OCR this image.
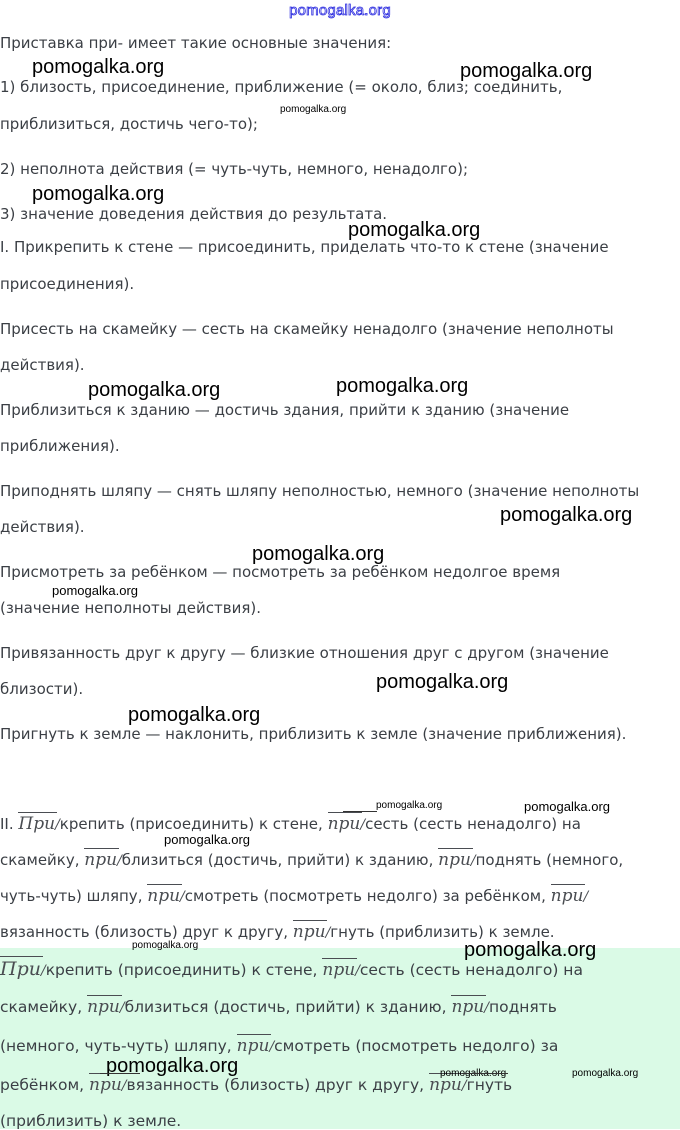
pomogalka.org
Приставка при- имеет такие основные значения:
1) близость, присоединение, приближение (= около, близ; соединить,
приблизиться, достичь чего-то);
2) неполнота действия (= чуть-чуть, немного, ненадолго);
3) значение доведения действия до результата.
I. Прикрепить к стене — присоединить, приделать что-то к стене (значение
присоединения).
Присесть на скамейку — сесть на скамейку ненадолго (значение неполноты
действия).
Приблизиться к зданию — достичь здания, прийти к зданию (значение
приближения).
Приподнять шляпу — снять шляпу неполностью, немного (значение неполноты
действия).
Присмотреть за ребёнком — посмотреть за ребёнком недолгое время
(значение неполноты действия).
Привязанность друг к другу — близкие отношения друг с другом (значение
близости).
Пригнуть к земле — наклонить, приблизить к земле (значение приближения).
II. При/крепить (присоединить) к стене, при/сесть (сесть ненадолго) на
скамейку, при/близиться (достичь, прийти) к зданию, при/поднять (немного,
чуть-чуть) шляпу, при/смотреть (посмотреть недолго) за ребёнком, при/
вязанность (близость) друг к другу, при/гнуть (приблизить) к земле.
При/крепить (присоединить) к стене, при/сесть (сесть ненадолго) на
скамейку, при/близиться (достичь, прийти) к зданию, при/поднять
(немного, чуть-чуть) шляпу, при/смотреть (посмотреть недолго) за
ребёнком, при/вязанность (близость) друг к другу, при/гнуть
(приблизить) к земле.
pomogalka.org	pomogalka.org
pomogalka.org
pomogalka.org
pomogalka.org
pomogalka.org	pomogalka.org
pomogalka.org
pomogalka.org
pomogalka.org
pomogalka.org
pomogalka.org
pomogalka.org	pomogalka.org
pomogalka.org
pomogalka.org	pomogalka.org
pomogalka.org	pomogalka.org	pomogalka.org
